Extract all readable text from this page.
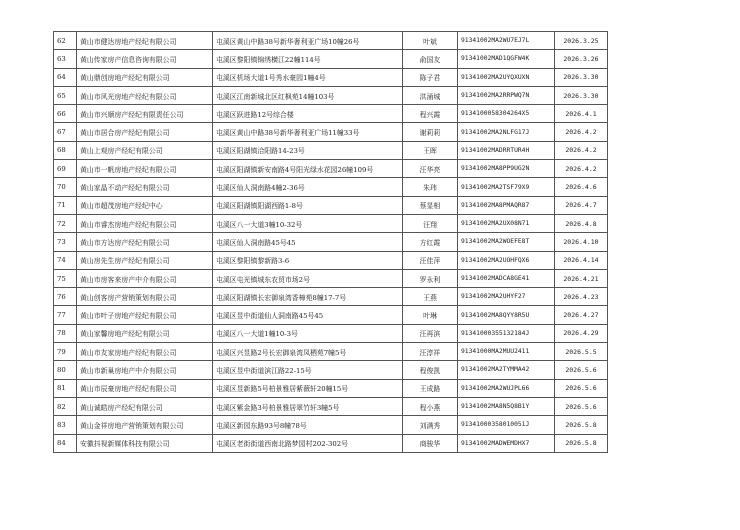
62	黄山市健达房地产经纪有限公司	屯溪区黄山中路38号新华奢利亚广场10幢26号	叶斌	91341002MA2WU7EJ7L	2026.3.25
63	黄山传家房产信息咨询有限公司	屯溪区黎阳镇锦绣横江22幢114号	俞国友	91341002MAD1QGFW4K	2026.3.26
64	黄山鼎创房地产经纪有限公司	屯溪区机场大道1号秀水豪园1幢4号	陈子君	91341002MA2UYQXUXN	2026.3.30
65	黄山市风光房地产经纪有限公司	屯溪区江南新城北区红枫苑14幢103号	洪涌城	91341002MA2RRPWQ7N	2026.3.30
66	黄山市兴顺房产经纪有限责任公司	屯溪区跃进路12号综合楼	程兴霞	913410005830426​4X5	2026.4.1
67	黄山市居合房产经纪有限公司	屯溪区黄山中路38号新华奢利亚广场11幢33号	谢莉莉	91341002MA2NLFG17J	2026.4.2
68	黄山上观房产经纪有限公司	屯溪区阳湖镇洽阳路14-23号	王晖	91341002MADRRTUR4H	2026.4.2
69	黄山市一帆房地产经纪有限公司	屯溪区阳湖镇新安南路4号阳光绿水花园26幢109号	汪华亮	91341002MA8PP9UG2N	2026.4.2
70	黄山家晶不动产经纪有限公司	屯溪区仙人洞南路4幢2-36号	朱玮	91341002MA2TSF79X9	2026.4.6
71	黄山市超茂房地产经纪中心	屯溪区阳湖镇阳湖西路1-8号	蔡显相	91341002MA8PMAQR87	2026.4.7
72	黄山市睿杰房地产经纪有限公司	屯溪区八一大道3幢10-32号	汪翔	91341002MA2UX08N71	2026.4.8
73	黄山市方达房产经纪有限公司	屯溪区仙人洞南路45号45	方红霞	91341002MA2WOEFE8T	2026.4.10
74	黄山房先生房产经纪有限公司	屯溪区黎阳镇黎新路3-6	汪佳萍	91341002MA2UOHFQX6	2026.4.14
75	黄山市房客来房产中介有限公司	屯溪区屯光镇城东农贸市场2号	罗永利	91341002MADCA8GE41	2026.4.21
76	黄山创客房产营销策划有限公司	屯溪区阳湖镇长宏御泉湾香樟苑8幢17-7号	王燕	91341002MA2UHYF27	2026.4.23
77	黄山市叶子房地产经纪有限公司	屯溪区昱中街道仙人洞南路45号45	叶琳	91341002MA8QYY8R5U	2026.4.27
78	黄山家馨房地产经纪有限公司	屯溪区八一大道1幢10-3号	汪再滨	913410003551321​84J	2026.4.29
79	黄山市友家房地产经纪有限公司	屯溪区兴昱路2号长宏御泉湾凤栖苑7幢5号	汪淳祥	91341000MA2MUU2411	2026.5.5
80	黄山市新巢房地产中介有限公司	屯溪区昱中街道滨江路22-15号	程俊凯	91341002MA2TYMMA42	2026.5.6
81	黄山市辰豪房地产经纪有限公司	屯溪区昱新路5号柏景雅居紫薇轩20幢15号	王成路	91341002MA2WUJPL66	2026.5.6
82	黄山诚皓房产经纪有限公司	屯溪区紫金路3号柏景雅居翠竹轩3幢5号	程小燕	91341002MA8N5Q8B1Y	2026.5.6
83	黄山金祥房地产营销策划有限公司	屯溪区新园东路93号8幢78号	刘满秀	913410003580100​51J	2026.5.8
84	安徽抖视新媒体科技有限公司	屯溪区老街街道西南北路梦园村202-302号	商骏华	91341002MADWEMDH​X7	2026.5.8
